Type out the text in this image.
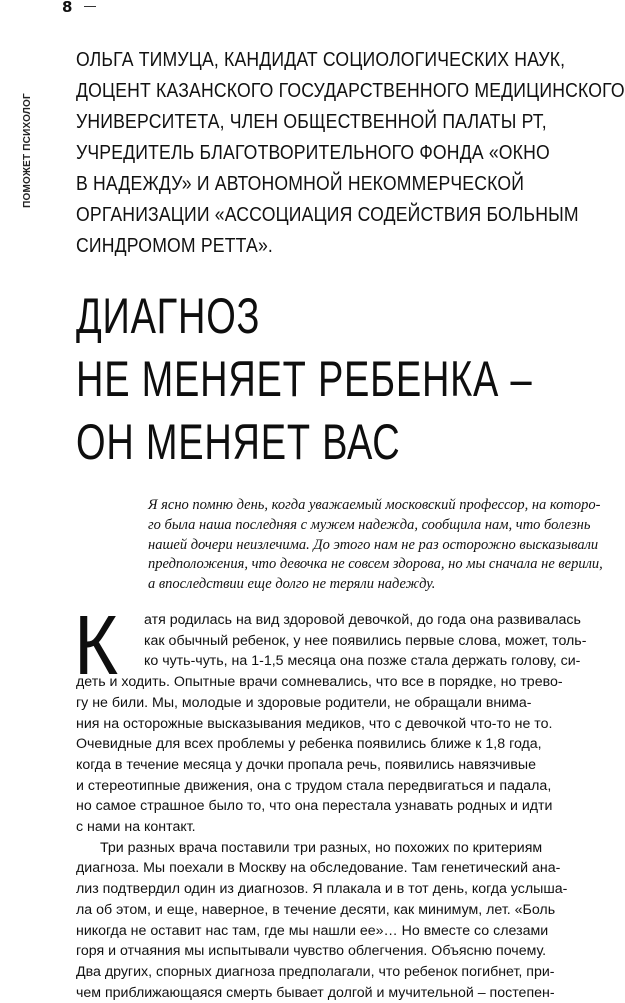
8
ПОМОЖЕТ ПСИХОЛОГ
ОЛЬГА ТИМУЦА, КАНДИДАТ СОЦИОЛОГИЧЕСКИХ НАУК,
ДОЦЕНТ КАЗАНСКОГО ГОСУДАРСТВЕННОГО МЕДИЦИНСКОГО
УНИВЕРСИТЕТА, ЧЛЕН ОБЩЕСТВЕННОЙ ПАЛАТЫ РТ,
УЧРЕДИТЕЛЬ БЛАГОТВОРИТЕЛЬНОГО ФОНДА «ОКНО
В НАДЕЖДУ» И АВТОНОМНОЙ НЕКОММЕРЧЕСКОЙ
ОРГАНИЗАЦИИ «АССОЦИАЦИЯ СОДЕЙСТВИЯ БОЛЬНЫМ
СИНДРОМОМ РЕТТА».
ДИАГНОЗ
НЕ МЕНЯЕТ РЕБЕНКА –
ОН МЕНЯЕТ ВАС
Я ясно помню день, когда уважаемый московский профессор, на которо-
го была наша последняя с мужем надежда, сообщила нам, что болезнь
нашей дочери неизлечима. До этого нам не раз осторожно высказывали
предположения, что девочка не совсем здорова, но мы сначала не верили,
а впоследствии еще долго не теряли надежду.
К	атя родилась на вид здоровой девочкой, до года она развивалась
как обычный ребенок, у нее появились первые слова, может, толь-
ко чуть-чуть, на 1-1,5 месяца она позже стала держать голову, си-
деть и ходить. Опытные врачи сомневались, что все в порядке, но трево-
гу не били. Мы, молодые и здоровые родители, не обращали внима-
ния на осторожные высказывания медиков, что с девочкой что-то не то.
Очевидные для всех проблемы у ребенка появились ближе к 1,8 года,
когда в течение месяца у дочки пропала речь, появились навязчивые
и стереотипные движения, она с трудом стала передвигаться и падала,
но самое страшное было то, что она перестала узнавать родных и идти
с нами на контакт.
Три разных врача поставили три разных, но похожих по критериям
диагноза. Мы поехали в Москву на обследование. Там генетический ана-
лиз подтвердил один из диагнозов. Я плакала и в тот день, когда услыша-
ла об этом, и еще, наверное, в течение десяти, как минимум, лет. «Боль
никогда не оставит нас там, где мы нашли ее»… Но вместе со слезами
горя и отчаяния мы испытывали чувство облегчения. Объясню почему.
Два других, спорных диагноза предполагали, что ребенок погибнет, при-
чем приближающаяся смерть бывает долгой и мучительной – постепен-
